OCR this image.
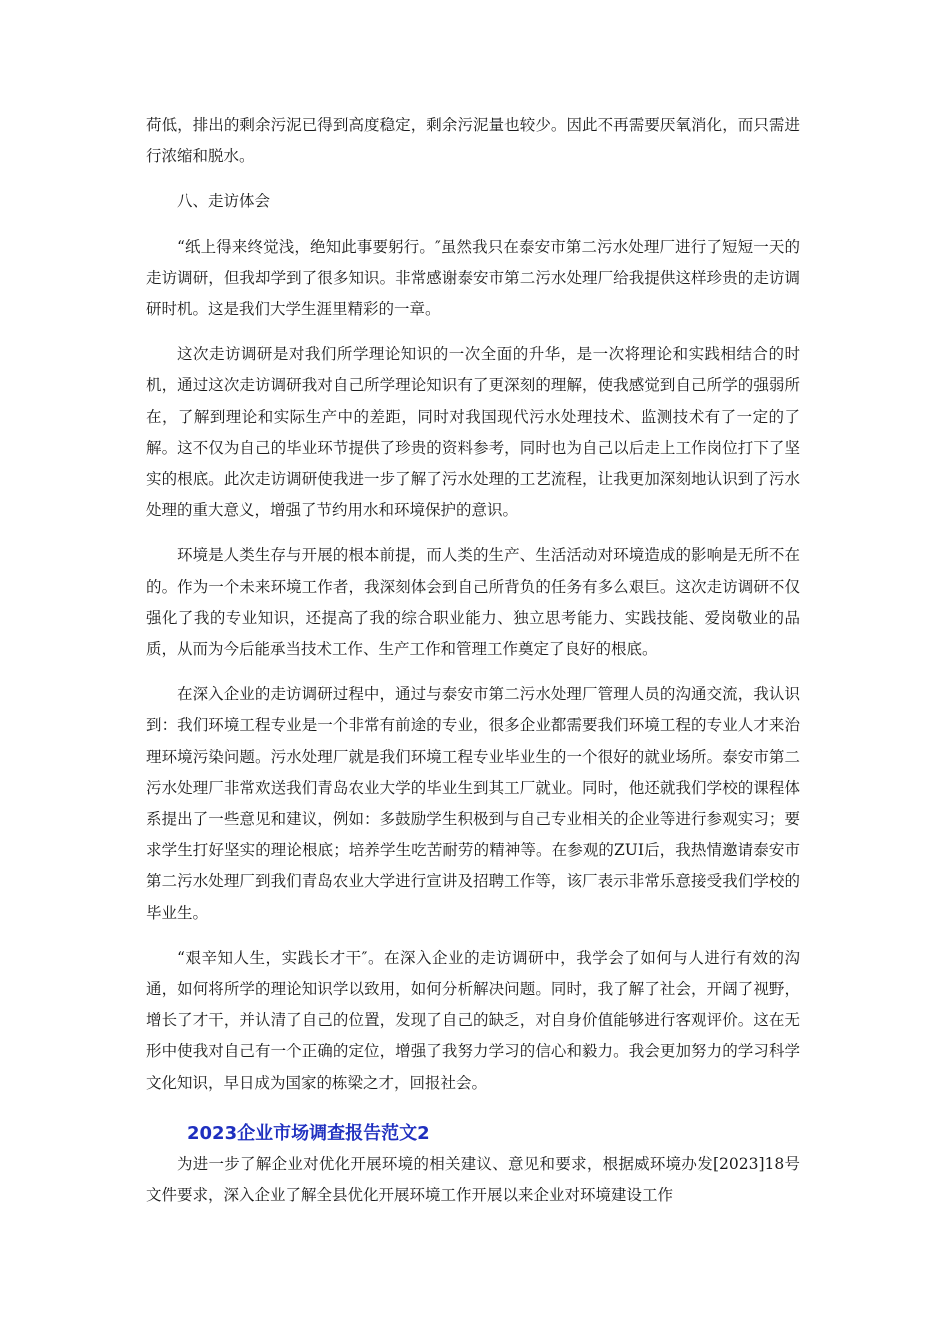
荷低，排出的剩余污泥已得到高度稳定，剩余污泥量也较少。因此不再需要厌氧消化，而只需进行浓缩和脱水。

八、走访体会

“纸上得来终觉浅，绝知此事要躬行。″虽然我只在泰安市第二污水处理厂进行了短短一天的走访调研，但我却学到了很多知识。非常感谢泰安市第二污水处理厂给我提供这样珍贵的走访调研时机。这是我们大学生涯里精彩的一章。

这次走访调研是对我们所学理论知识的一次全面的升华，是一次将理论和实践相结合的时机，通过这次走访调研我对自己所学理论知识有了更深刻的理解，使我感觉到自己所学的强弱所在，了解到理论和实际生产中的差距，同时对我国现代污水处理技术、监测技术有了一定的了解。这不仅为自己的毕业环节提供了珍贵的资料参考，同时也为自己以后走上工作岗位打下了坚实的根底。此次走访调研使我进一步了解了污水处理的工艺流程，让我更加深刻地认识到了污水处理的重大意义，增强了节约用水和环境保护的意识。

环境是人类生存与开展的根本前提，而人类的生产、生活活动对环境造成的影响是无所不在的。作为一个未来环境工作者，我深刻体会到自己所背负的任务有多么艰巨。这次走访调研不仅强化了我的专业知识，还提高了我的综合职业能力、独立思考能力、实践技能、爱岗敬业的品质，从而为今后能承当技术工作、生产工作和管理工作奠定了良好的根底。

在深入企业的走访调研过程中，通过与泰安市第二污水处理厂管理人员的沟通交流，我认识到：我们环境工程专业是一个非常有前途的专业，很多企业都需要我们环境工程的专业人才来治理环境污染问题。污水处理厂就是我们环境工程专业毕业生的一个很好的就业场所。泰安市第二污水处理厂非常欢送我们青岛农业大学的毕业生到其工厂就业。同时，他还就我们学校的课程体系提出了一些意见和建议，例如：多鼓励学生积极到与自己专业相关的企业等进行参观实习；要求学生打好坚实的理论根底；培养学生吃苦耐劳的精神等。在参观的ZUI后，我热情邀请泰安市第二污水处理厂到我们青岛农业大学进行宣讲及招聘工作等，该厂表示非常乐意接受我们学校的毕业生。

“艰辛知人生，实践长才干″。在深入企业的走访调研中，我学会了如何与人进行有效的沟通，如何将所学的理论知识学以致用，如何分析解决问题。同时，我了解了社会，开阔了视野，增长了才干，并认清了自己的位置，发现了自己的缺乏，对自身价值能够进行客观评价。这在无形中使我对自己有一个正确的定位，增强了我努力学习的信心和毅力。我会更加努力的学习科学文化知识，早日成为国家的栋梁之才，回报社会。

2023企业市场调查报告范文2

为进一步了解企业对优化开展环境的相关建议、意见和要求，根据威环境办发[2023]18号文件要求，深入企业了解全县优化开展环境工作开展以来企业对环境建设工作
